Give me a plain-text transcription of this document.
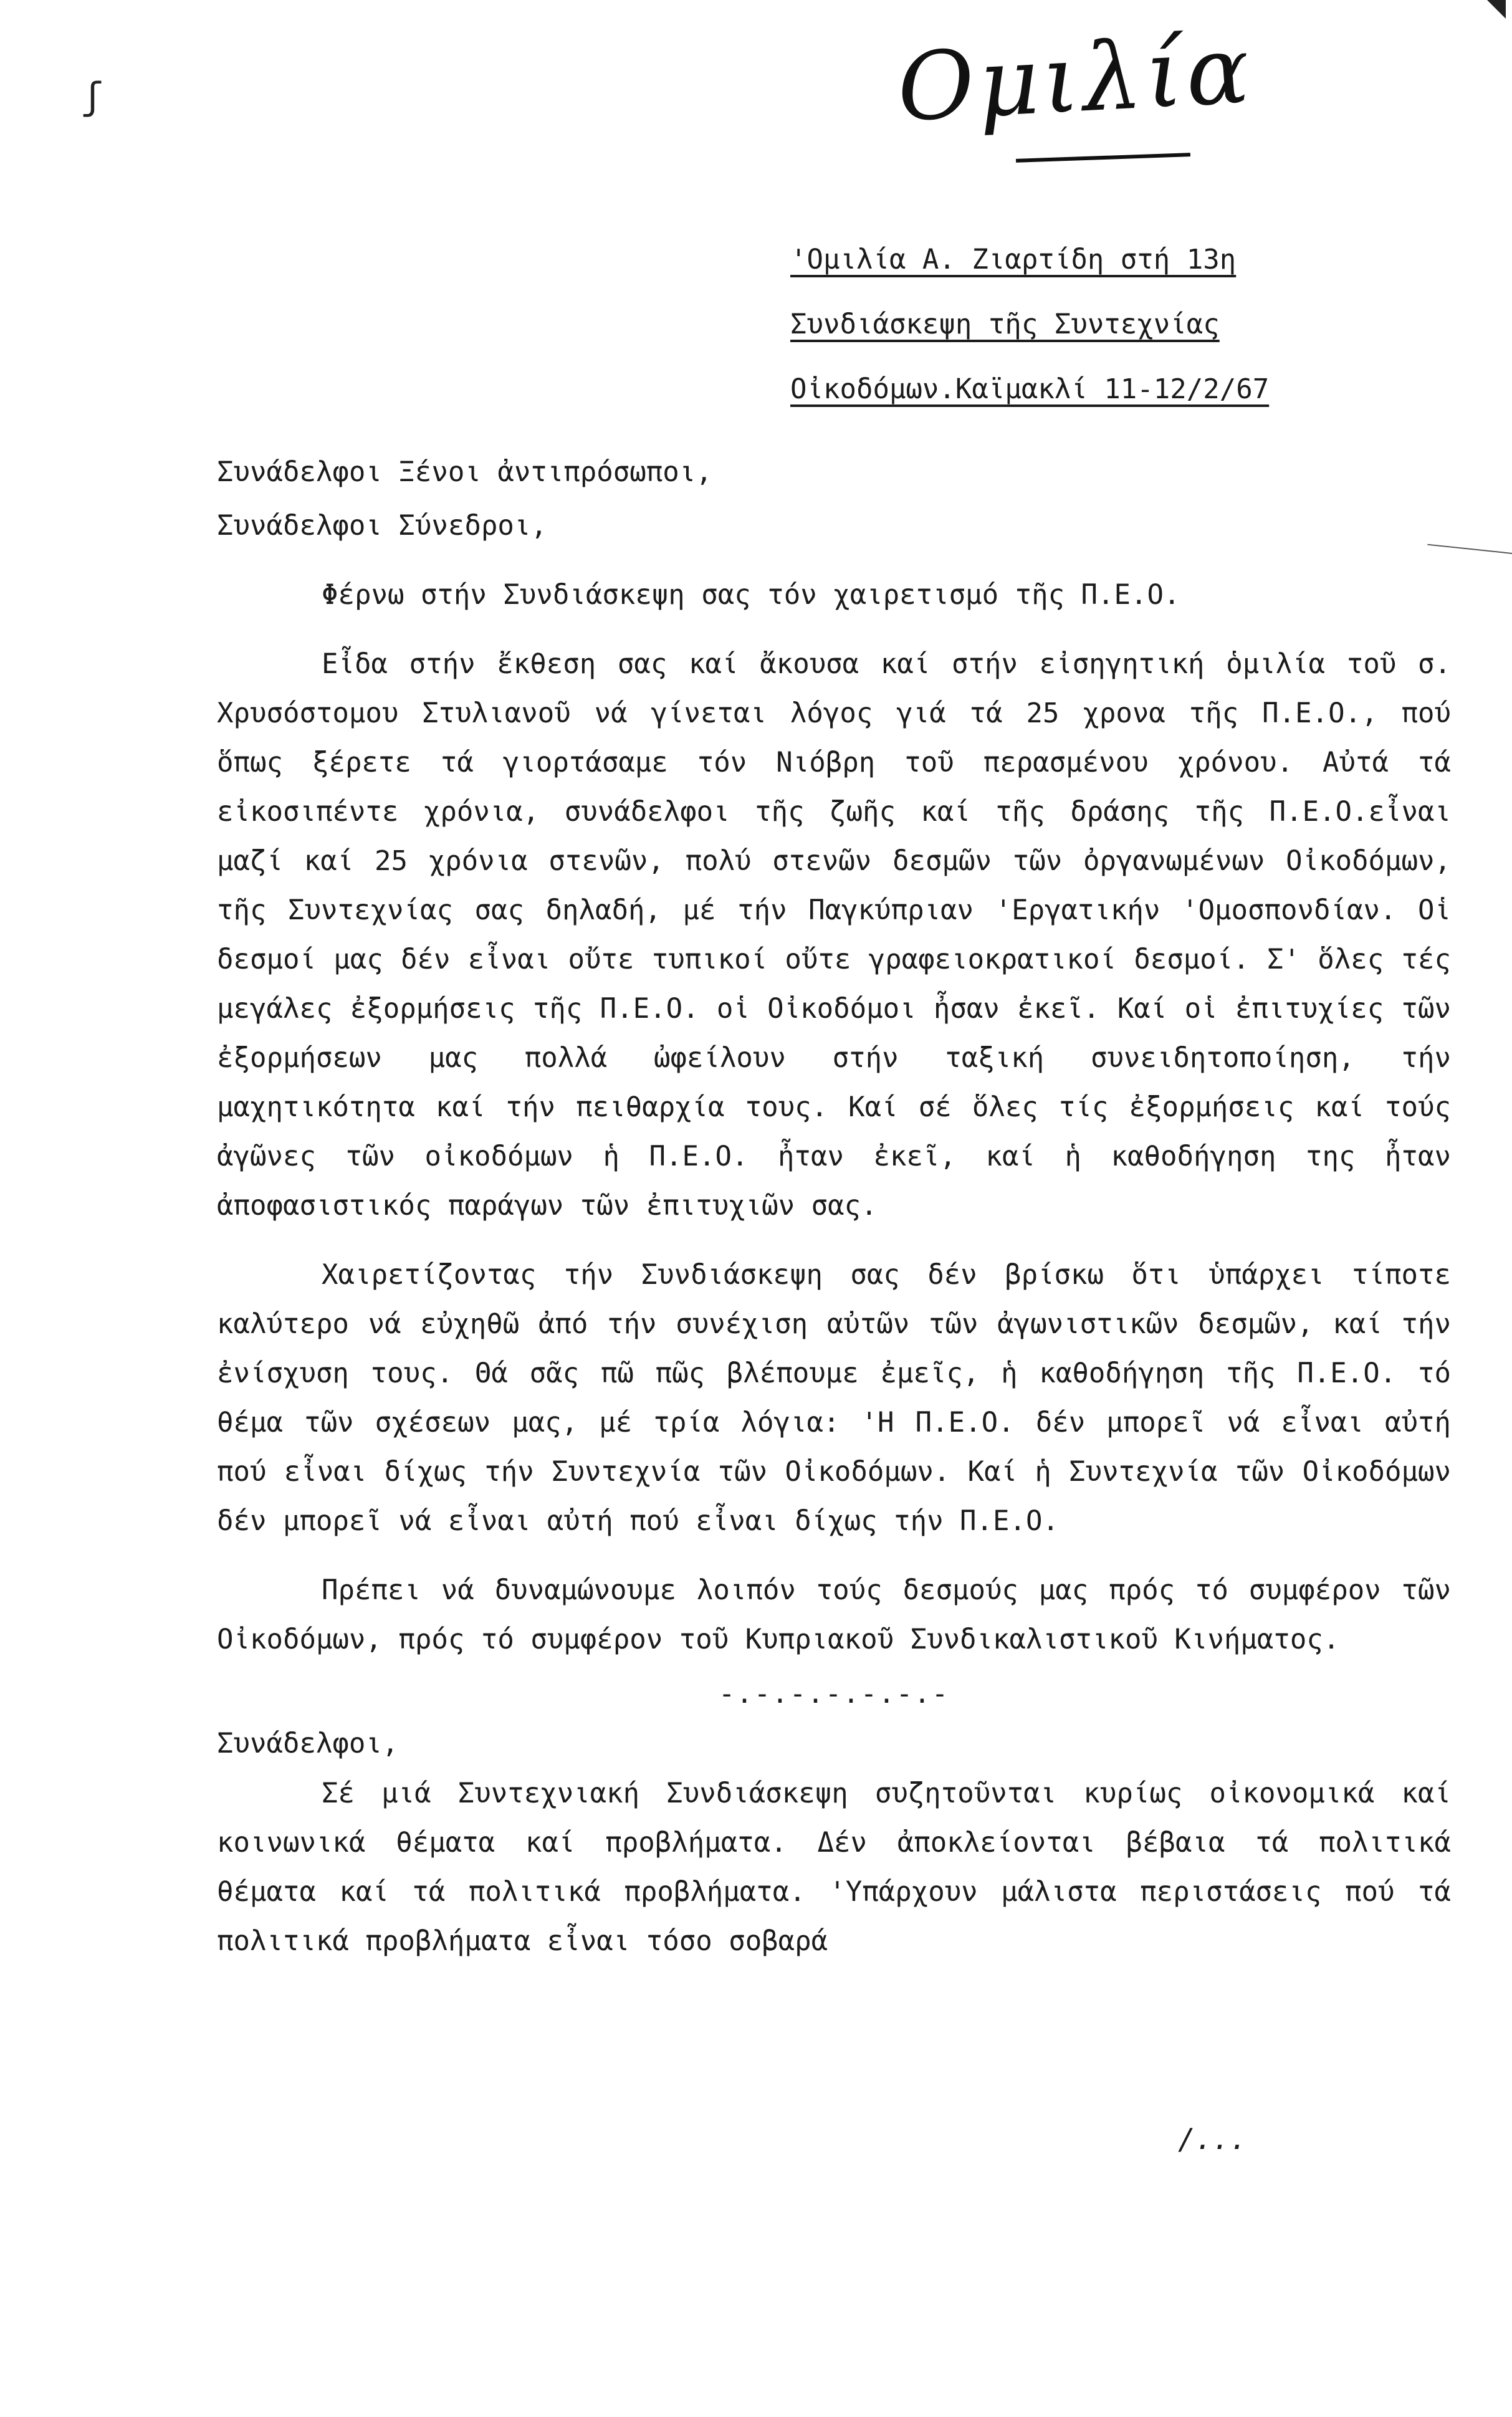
ʃ	Ομιλία
'Ομιλία Α. Ζιαρτίδη στή 13η
Συνδιάσκεψη τῆς Συντεχνίας
Οἰκοδόμων.Καϊμακλί 11-12/2/67
Συνάδελφοι Ξένοι ἀντιπρόσωποι,
Συνάδελφοι Σύνεδροι,

Φέρνω στήν Συνδιάσκεψη σας τόν χαιρετισμό τῆς Π.Ε.Ο.

Εἶδα στήν ἔκθεση σας καί ἄκουσα καί στήν εἰσηγητική ὁμιλία τοῦ σ. Χρυσόστομου Στυλιανοῦ νά γίνεται λόγος γιά τά 25 χρονα τῆς Π.Ε.Ο., πού ὅπως ξέρετε τά γιορτάσαμε τόν Νιόβρη τοῦ περασμένου χρόνου. Αὐτά τά εἰκοσιπέντε χρόνια, συνάδελφοι τῆς ζωῆς καί τῆς δράσης τῆς Π.Ε.Ο.εἶναι μαζί καί 25 χρόνια στενῶν, πολύ στενῶν δεσμῶν τῶν ὀργανωμένων Οἰκοδόμων, τῆς Συντεχνίας σας δηλαδή, μέ τήν Παγκύπριαν 'Εργατικήν 'Ομοσπονδίαν. Οἱ δεσμοί μας δέν εἶναι οὔτε τυπικοί οὔτε γραφειοκρατικοί δεσμοί. Σ' ὅλες τές μεγάλες ἐξορμήσεις τῆς Π.Ε.Ο. οἱ Οἰκοδόμοι ἦσαν ἐκεῖ. Καί οἱ ἐπιτυχίες τῶν ἐξορμήσεων μας πολλά ὠφείλουν στήν ταξική συνειδητοποίηση, τήν μαχητικότητα καί τήν πειθαρχία τους. Καί σέ ὅλες τίς ἐξορμήσεις καί τούς ἀγῶνες τῶν οἰκοδόμων ἡ Π.Ε.Ο. ἦταν ἐκεῖ, καί ἡ καθοδήγηση της ἦταν ἀποφασιστικός παράγων τῶν ἐπιτυχιῶν σας.

Χαιρετίζοντας τήν Συνδιάσκεψη σας δέν βρίσκω ὅτι ὑπάρχει τίποτε καλύτερο νά εὐχηθῶ ἀπό τήν συνέχιση αὐτῶν τῶν ἀγωνιστικῶν δεσμῶν, καί τήν ἐνίσχυση τους. Θά σᾶς πῶ πῶς βλέπουμε ἐμεῖς, ἡ καθοδήγηση τῆς Π.Ε.Ο. τό θέμα τῶν σχέσεων μας, μέ τρία λόγια: 'Η Π.Ε.Ο. δέν μπορεῖ νά εἶναι αὐτή πού εἶναι δίχως τήν Συντεχνία τῶν Οἰκοδόμων. Καί ἡ Συντεχνία τῶν Οἰκοδόμων δέν μπορεῖ νά εἶναι αὐτή πού εἶναι δίχως τήν Π.Ε.Ο.

Πρέπει νά δυναμώνουμε λοιπόν τούς δεσμούς μας πρός τό συμφέρον τῶν Οἰκοδόμων, πρός τό συμφέρον τοῦ Κυπριακοῦ Συνδικαλιστικοῦ Κινήματος.

-.-.-.-.-.-.-

Συνάδελφοι,

Σέ μιά Συντεχνιακή Συνδιάσκεψη συζητοῦνται κυρίως οἰκονομικά καί κοινωνικά θέματα καί προβλήματα. Δέν ἀποκλείονται βέβαια τά πολιτικά θέματα καί τά πολιτικά προβλήματα. 'Υπάρχουν μάλιστα περιστάσεις πού τά πολιτικά προβλήματα εἶναι τόσο σοβαρά

/...
